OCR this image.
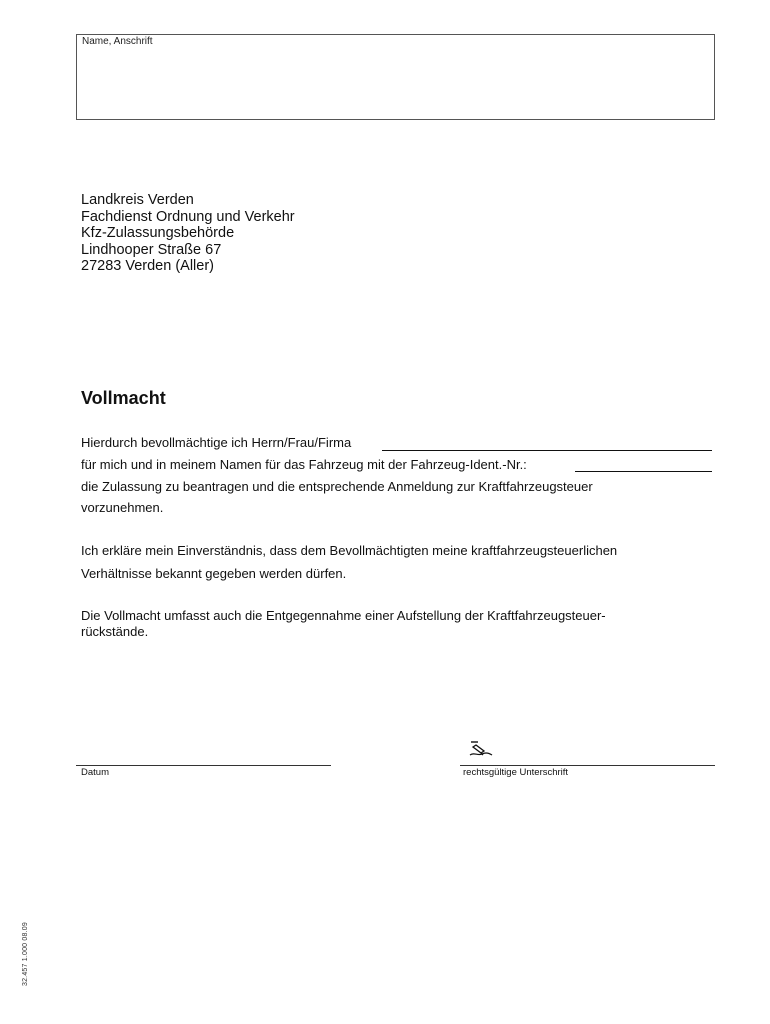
Name, Anschrift
Landkreis Verden
Fachdienst Ordnung und Verkehr
Kfz-Zulassungsbehörde
Lindhooper Straße 67
27283 Verden (Aller)
Vollmacht
Hierdurch bevollmächtige ich Herrn/Frau/Firma
für mich und in meinem Namen für das Fahrzeug mit der Fahrzeug-Ident.-Nr.:
die Zulassung zu beantragen und die entsprechende Anmeldung zur Kraftfahrzeugsteuer
vorzunehmen.
Ich erkläre mein Einverständnis, dass dem Bevollmächtigten meine kraftfahrzeugsteuerlichen
Verhältnisse bekannt gegeben werden dürfen.
Die Vollmacht umfasst auch die Entgegennahme einer Aufstellung der Kraftfahrzeugsteuer-
rückstände.
Datum	rechtsgültige Unterschrift
32.457 1.000 08.09
